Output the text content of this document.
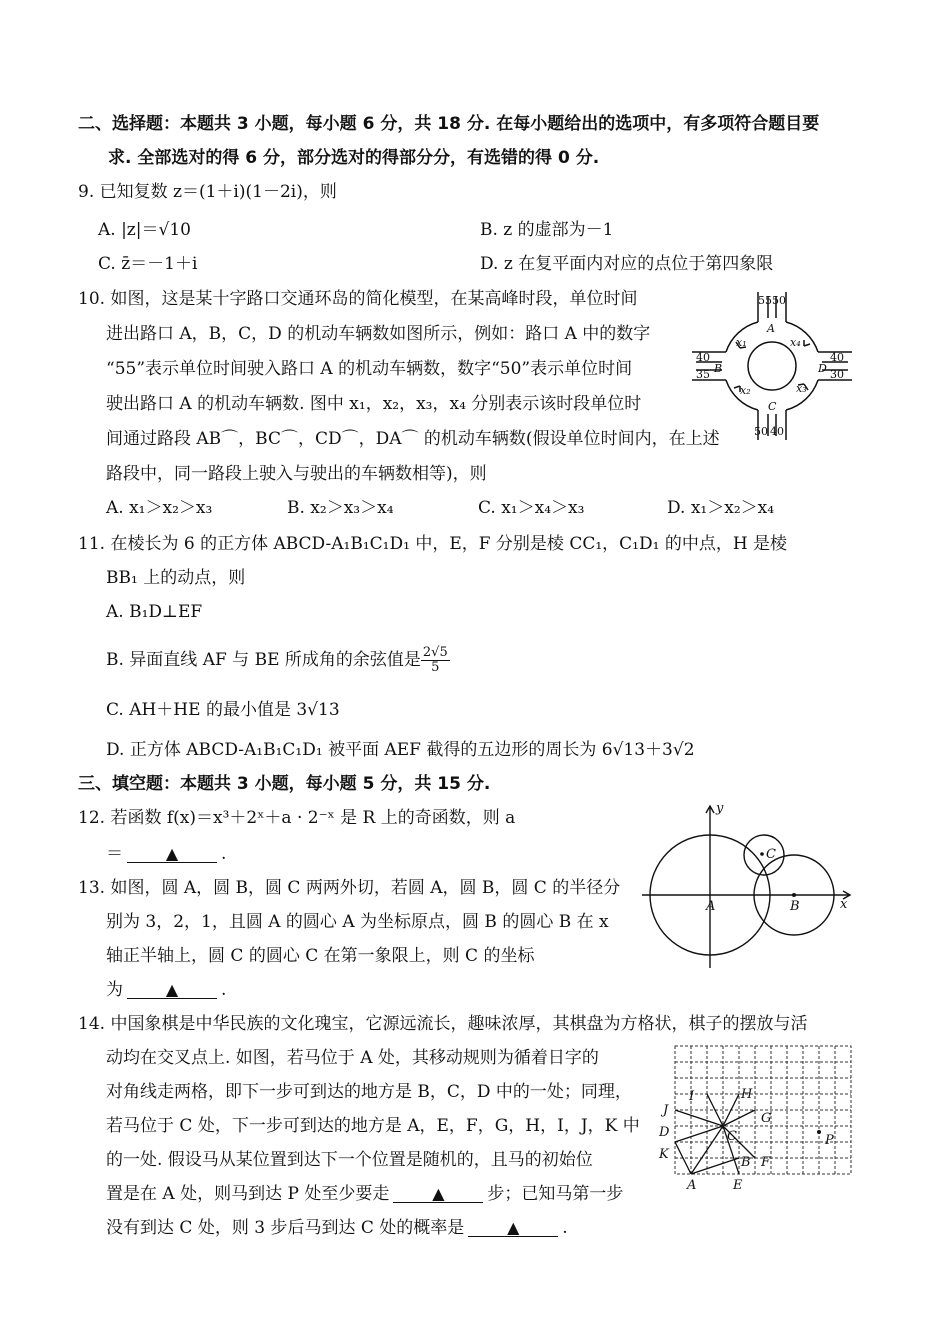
二、选择题：本题共 3 小题，每小题 6 分，共 18 分. 在每小题给出的选项中，有多项符合题目要
求. 全部选对的得 6 分，部分选对的得部分分，有选错的得 0 分.
9. 已知复数 z＝(1＋i)(1－2i)，则
A. |z|＝√10	B. z 的虚部为－1
C. z̄＝－1＋i	D. z 在复平面内对应的点位于第四象限
10. 如图，这是某十字路口交通环岛的简化模型，在某高峰时段，单位时间
进出路口 A，B，C，D 的机动车辆数如图所示，例如：路口 A 中的数字
“55”表示单位时间驶入路口 A 的机动车辆数，数字“50”表示单位时间
驶出路口 A 的机动车辆数. 图中 x₁，x₂，x₃，x₄ 分别表示该时段单位时
间通过路段 AB⌒，BC⌒，CD⌒，DA⌒ 的机动车辆数(假设单位时间内，在上述
路段中，同一路段上驶入与驶出的车辆数相等)，则
A. x₁＞x₂＞x₃	B. x₂＞x₃＞x₄	C. x₁＞x₄＞x₃	D. x₁＞x₂＞x₄
55 50
A
40
35 B
40
30
D
50 40
C
x₁
x₂	x₃
x₄
11. 在棱长为 6 的正方体 ABCD-A₁B₁C₁D₁ 中，E，F 分别是棱 CC₁，C₁D₁ 的中点，H 是棱
BB₁ 上的动点，则
A. B₁D⊥EF
B. 异面直线 AF 与 BE 所成角的余弦值是 $\frac{2√5}{5}$
C. AH＋HE 的最小值是 3√13
D. 正方体 ABCD-A₁B₁C₁D₁ 被平面 AEF 截得的五边形的周长为 6√13＋3√2
三、填空题：本题共 3 小题，每小题 5 分，共 15 分.
12. 若函数 f(x)＝x³＋2ˣ＋a · 2⁻ˣ 是 R 上的奇函数，则 a
＝	▲	.
13. 如图，圆 A，圆 B，圆 C 两两外切，若圆 A，圆 B，圆 C 的半径分
别为 3，2，1，且圆 A 的圆心 A 为坐标原点，圆 B 的圆心 B 在 x
轴正半轴上，圆 C 的圆心 C 在第一象限上，则 C 的坐标
为	▲	.
y
x
A	B
C
14. 中国象棋是中华民族的文化瑰宝，它源远流长，趣味浓厚，其棋盘为方格状，棋子的摆放与活
动均在交叉点上. 如图，若马位于 A 处，其移动规则为循着日字的
对角线走两格，即下一步可到达的地方是 B，C，D 中的一处；同理，
若马位于 C 处，下一步可到达的地方是 A，E，F，G，H，I，J，K 中
的一处. 假设马从某位置到达下一个位置是随机的，且马的初始位
置是在 A 处，则马到达 P 处至少要走	▲	步；已知马第一步
没有到达 C 处，则 3 步后马到达 C 处的概率是	▲	.
A
B
C
D
E
F
G
H
I
J
K
P
